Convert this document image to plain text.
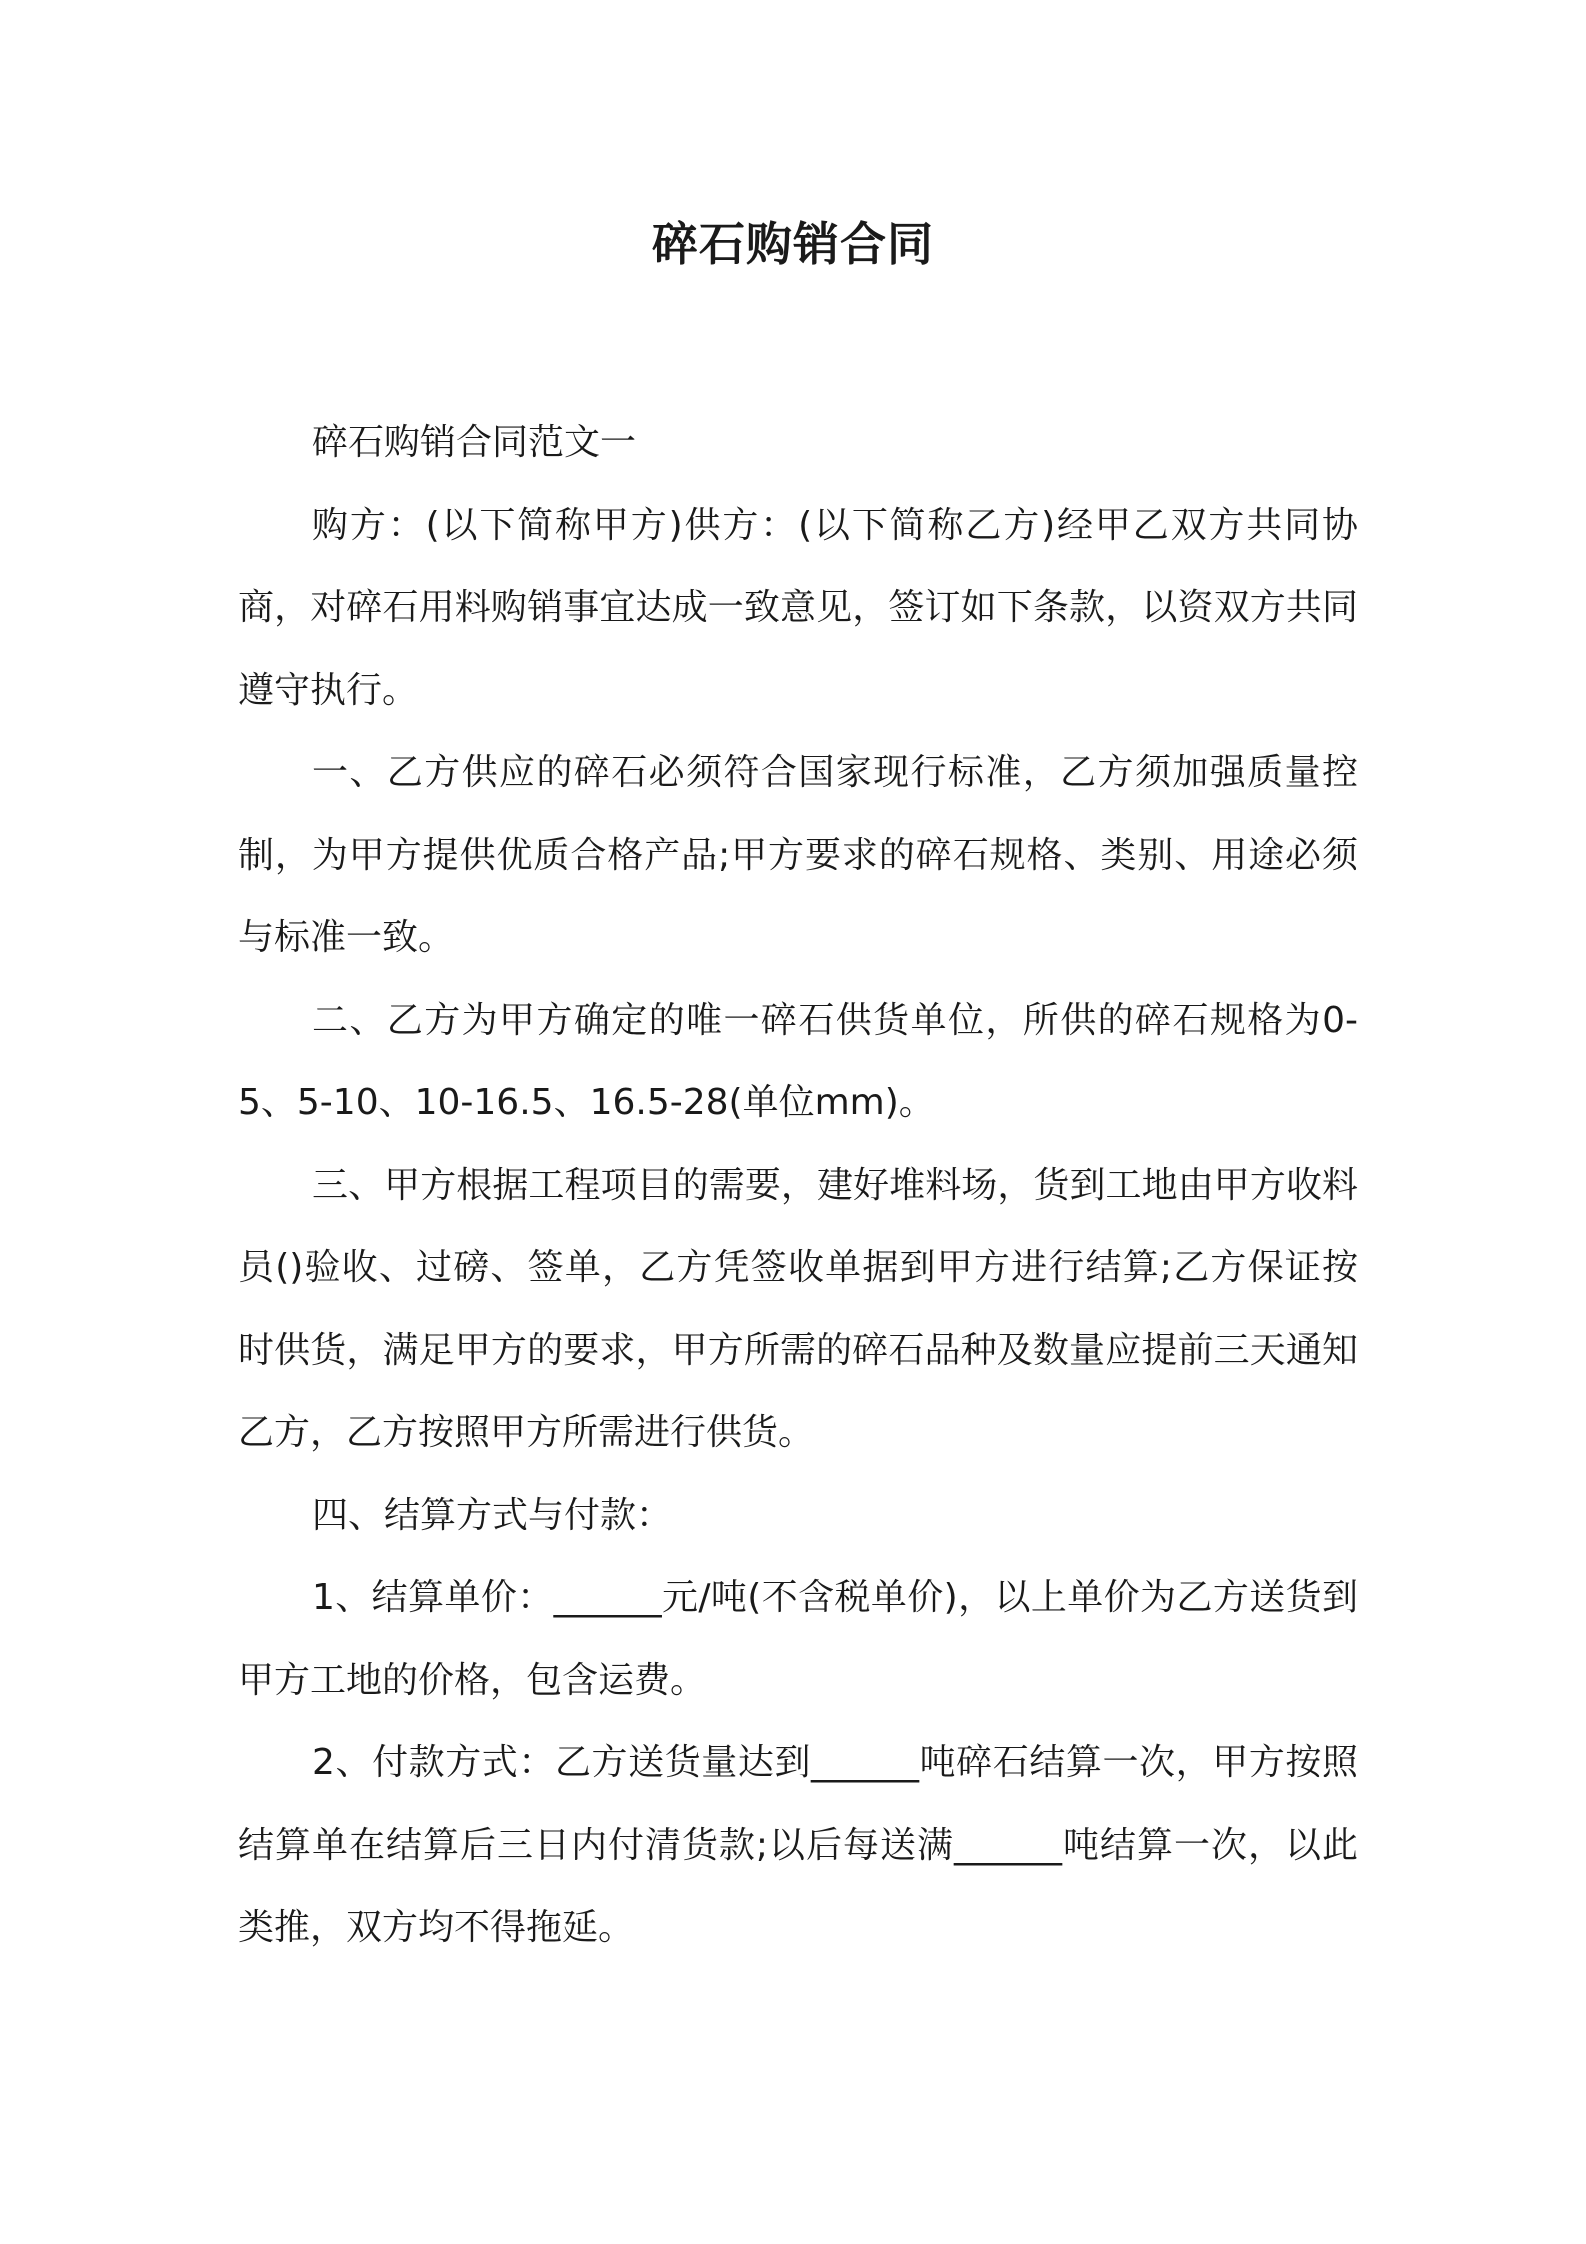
碎石购销合同

碎石购销合同范文一

购方：(以下简称甲方)供方：(以下简称乙方)经甲乙双方共同协商，对碎石用料购销事宜达成一致意见，签订如下条款，以资双方共同遵守执行。

一、乙方供应的碎石必须符合国家现行标准，乙方须加强质量控制，为甲方提供优质合格产品;甲方要求的碎石规格、类别、用途必须与标准一致。

二、乙方为甲方确定的唯一碎石供货单位，所供的碎石规格为0-5、5-10、10-16.5、16.5-28(单位mm)。

三、甲方根据工程项目的需要，建好堆料场，货到工地由甲方收料员()验收、过磅、签单，乙方凭签收单据到甲方进行结算;乙方保证按时供货，满足甲方的要求，甲方所需的碎石品种及数量应提前三天通知乙方，乙方按照甲方所需进行供货。

四、结算方式与付款：

1、结算单价：______元/吨(不含税单价)，以上单价为乙方送货到甲方工地的价格，包含运费。

2、付款方式：乙方送货量达到______吨碎石结算一次，甲方按照结算单在结算后三日内付清货款;以后每送满______吨结算一次，以此类推，双方均不得拖延。
